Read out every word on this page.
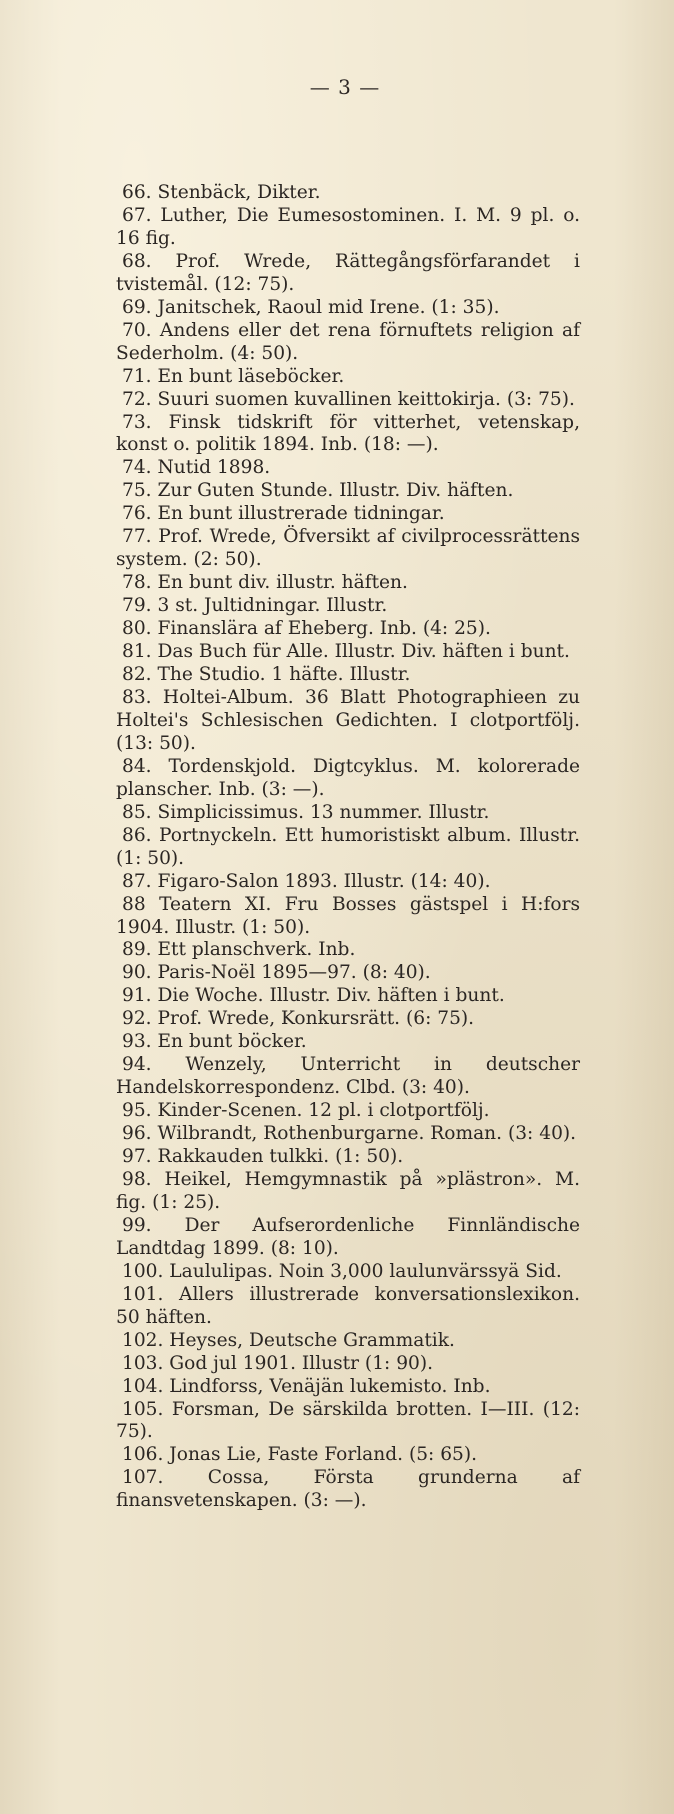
— 3 —
66. Stenbäck, Dikter.
67. Luther, Die Eumesostominen. I. M. 9 pl. o. 16 fig.
68. Prof. Wrede, Rättegångsförfarandet i tvistemål. (12: 75).
69. Janitschek, Raoul mid Irene. (1: 35).
70. Andens eller det rena förnuftets religion af Sederholm. (4: 50).
71. En bunt läseböcker.
72. Suuri suomen kuvallinen keittokirja. (3: 75).
73. Finsk tidskrift för vitterhet, vetenskap, konst o. politik 1894. Inb. (18: —).
74. Nutid 1898.
75. Zur Guten Stunde. Illustr. Div. häften.
76. En bunt illustrerade tidningar.
77. Prof. Wrede, Öfversikt af civilprocessrättens system. (2: 50).
78. En bunt div. illustr. häften.
79. 3 st. Jultidningar. Illustr.
80. Finanslära af Eheberg. Inb. (4: 25).
81. Das Buch für Alle. Illustr. Div. häften i bunt.
82. The Studio. 1 häfte. Illustr.
83. Holtei-Album. 36 Blatt Photographieen zu Holtei's Schlesischen Gedichten. I clotportfölj. (13: 50).
84. Tordenskjold. Digtcyklus. M. kolorerade planscher. Inb. (3: —).
85. Simplicissimus. 13 nummer. Illustr.
86. Portnyckeln. Ett humoristiskt album. Illustr. (1: 50).
87. Figaro-Salon 1893. Illustr. (14: 40).
88 Teatern XI. Fru Bosses gästspel i H:fors 1904. Illustr. (1: 50).
89. Ett planschverk. Inb.
90. Paris-Noël 1895—97. (8: 40).
91. Die Woche. Illustr. Div. häften i bunt.
92. Prof. Wrede, Konkursrätt. (6: 75).
93. En bunt böcker.
94. Wenzely, Unterricht in deutscher Handelskorrespondenz. Clbd. (3: 40).
95. Kinder-Scenen. 12 pl. i clotportfölj.
96. Wilbrandt, Rothenburgarne. Roman. (3: 40).
97. Rakkauden tulkki. (1: 50).
98. Heikel, Hemgymnastik på »plästron». M. fig. (1: 25).
99. Der Aufserordenliche Finnländische Landtdag 1899. (8: 10).
100. Laululipas. Noin 3,000 laulunvärssyä Sid.
101. Allers illustrerade konversationslexikon. 50 häften.
102. Heyses, Deutsche Grammatik.
103. God jul 1901. Illustr (1: 90).
104. Lindforss, Venäjän lukemisto. Inb.
105. Forsman, De särskilda brotten. I—III. (12: 75).
106. Jonas Lie, Faste Forland. (5: 65).
107. Cossa, Första grunderna af finansvetenskapen. (3: —).
